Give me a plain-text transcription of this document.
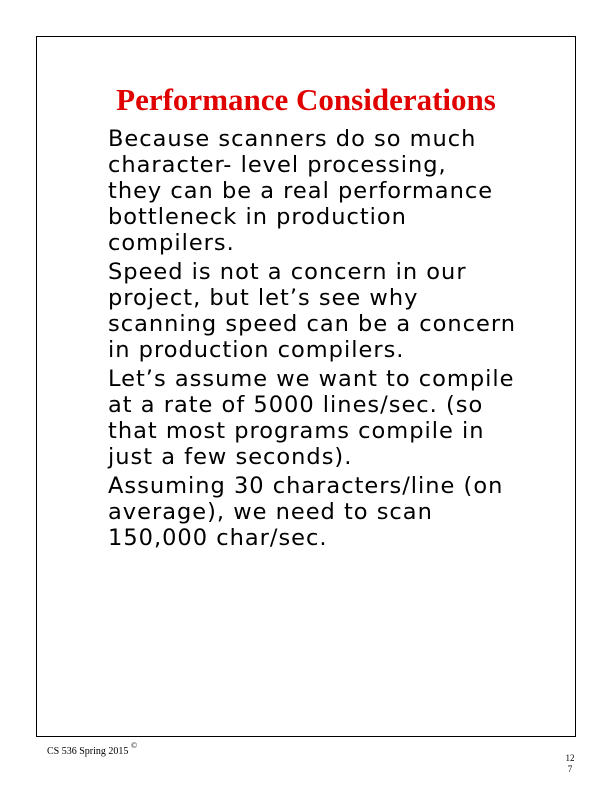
Performance Considerations
Because scanners do so much
character- level processing,
they can be a real performance
bottleneck in production
compilers.
Speed is not a concern in our
project, but let’s see why
scanning speed can be a concern
in production compilers.
Let’s assume we want to compile
at a rate of 5000 lines/sec. (so
that most programs compile in
just a few seconds).
Assuming 30 characters/line (on
average), we need to scan
150,000 char/sec.
CS 536 Spring 2015
©
12
7
